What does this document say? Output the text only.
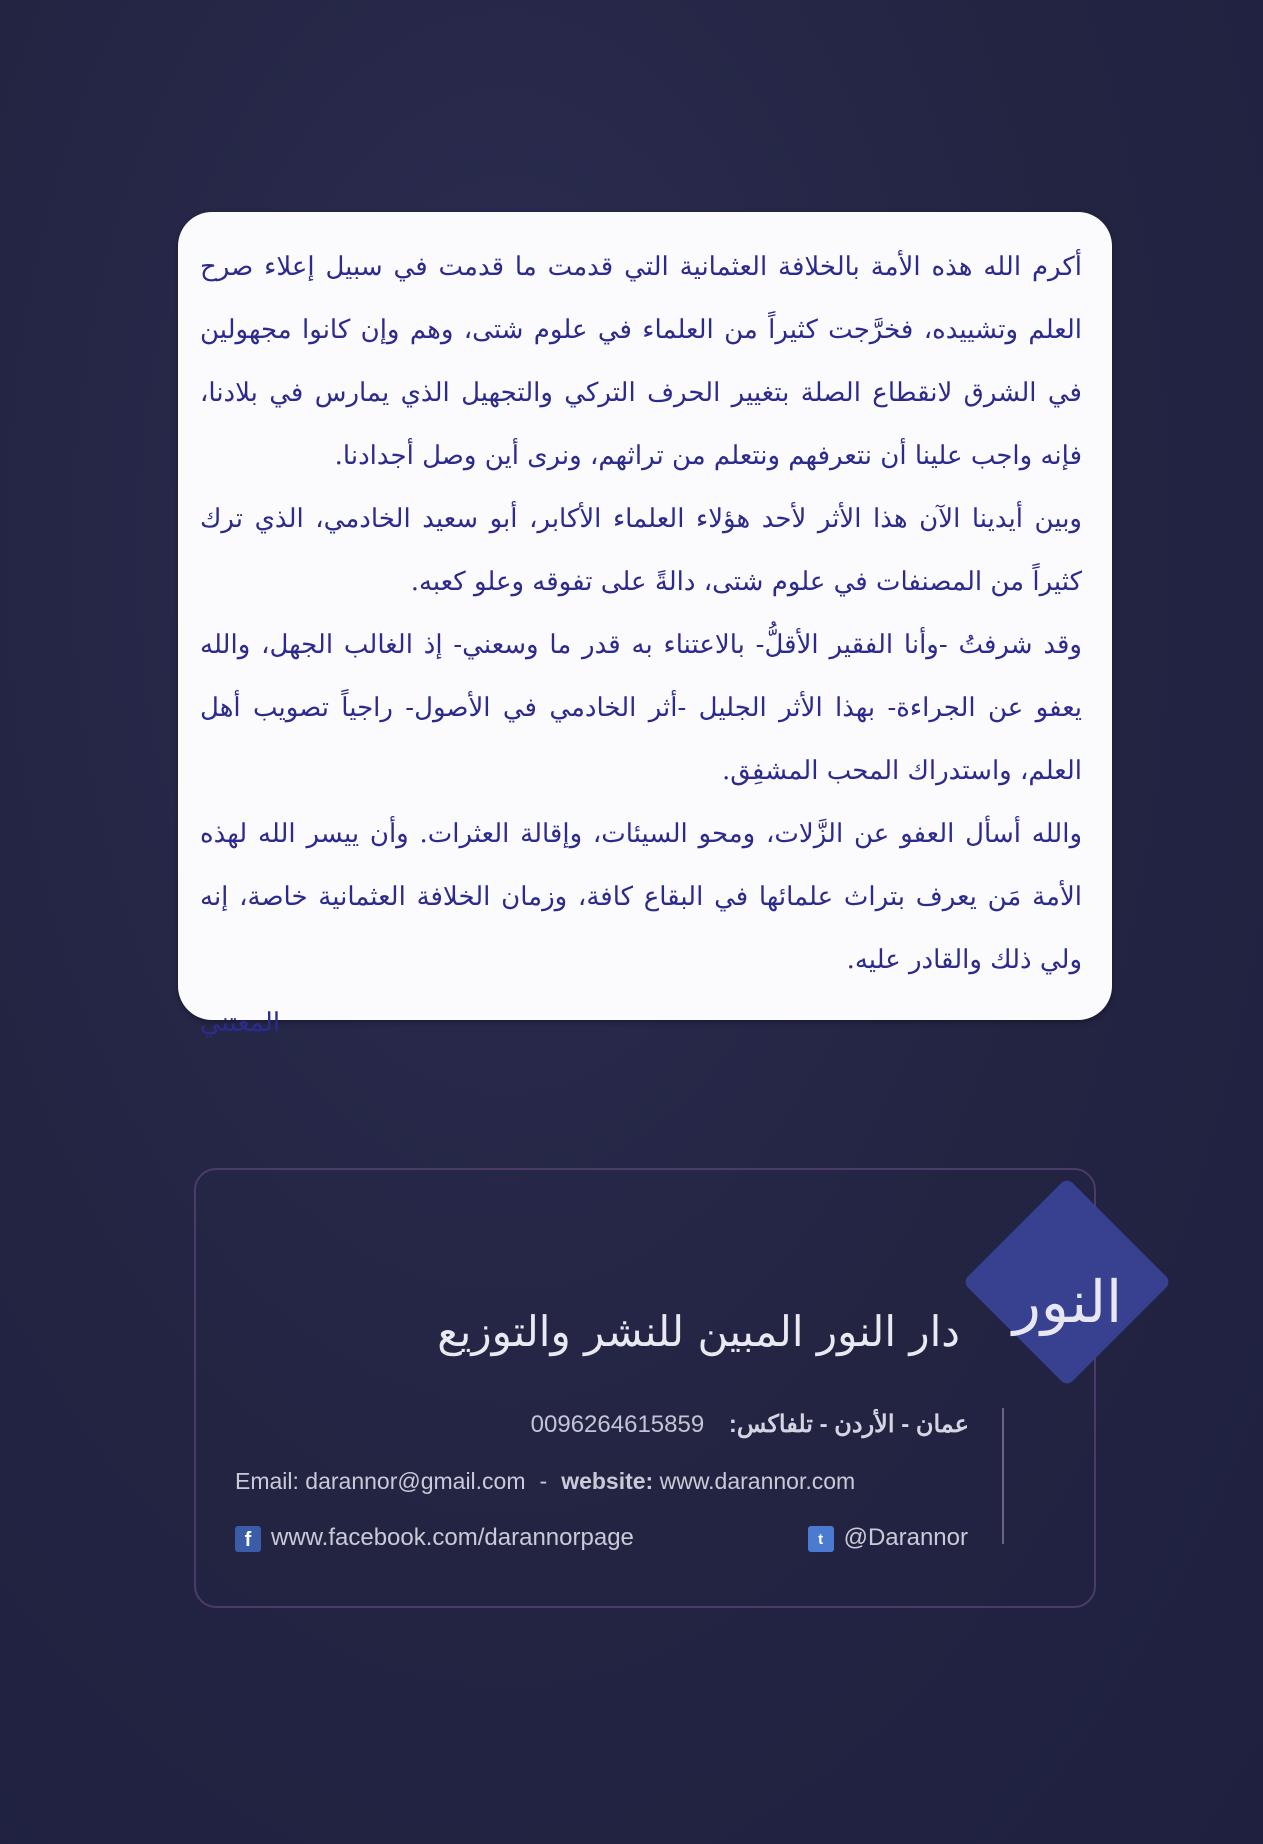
أكرم الله هذه الأمة بالخلافة العثمانية التي قدمت ما قدمت في سبيل إعلاء صرح العلم وتشييده، فخرَّجت كثيراً من العلماء في علوم شتى، وهم وإن كانوا مجهولين في الشرق لانقطاع الصلة بتغيير الحرف التركي والتجهيل الذي يمارس في بلادنا، فإنه واجب علينا أن نتعرفهم ونتعلم من تراثهم، ونرى أين وصل أجدادنا.

وبين أيدينا الآن هذا الأثر لأحد هؤلاء العلماء الأكابر، أبو سعيد الخادمي، الذي ترك كثيراً من المصنفات في علوم شتى، دالةً على تفوقه وعلو كعبه.

وقد شرفتُ -وأنا الفقير الأقلُّ- بالاعتناء به قدر ما وسعني- إذ الغالب الجهل، والله يعفو عن الجراءة- بهذا الأثر الجليل -أثر الخادمي في الأصول- راجياً تصويب أهل العلم، واستدراك المحب المشفِق.

والله أسأل العفو عن الزَّلات، ومحو السيئات، وإقالة العثرات. وأن ييسر الله لهذه الأمة مَن يعرف بتراث علمائها في البقاع كافة، وزمان الخلافة العثمانية خاصة، إنه ولي ذلك والقادر عليه.

المعتني

النور
دار النور المبين للنشر والتوزيع
عمان - الأردن - تلفاكس: 0096264615859
Email: darannor@gmail.com - website: www.darannor.com
f www.facebook.com/darannorpage	t @Darannor
